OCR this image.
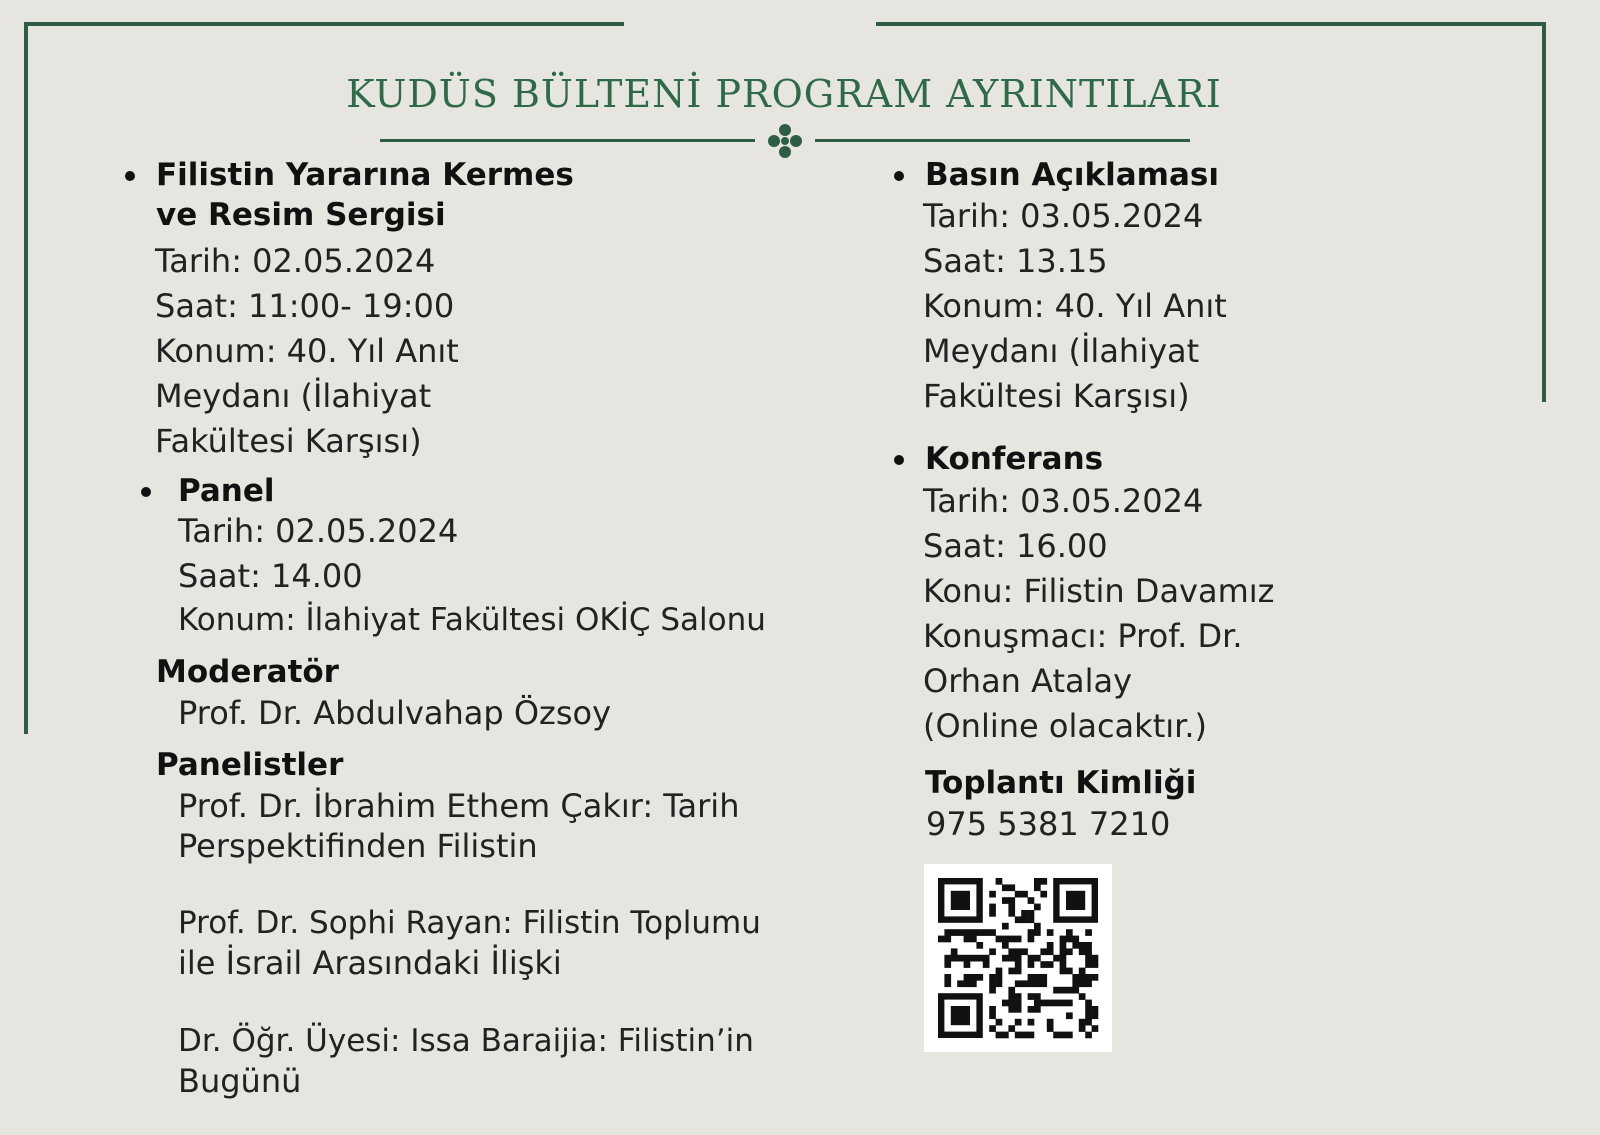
KUDÜS BÜLTENİ PROGRAM AYRINTILARI
Filistin Yararına Kermes
ve Resim Sergisi
Tarih: 02.05.2024
Saat: 11:00- 19:00
Konum: 40. Yıl Anıt
Meydanı (İlahiyat
Fakültesi Karşısı)
Panel
Tarih: 02.05.2024
Saat: 14.00
Konum: İlahiyat Fakültesi OKİÇ Salonu
Moderatör
Prof. Dr. Abdulvahap Özsoy
Panelistler
Prof. Dr. İbrahim Ethem Çakır: Tarih
Perspektifinden Filistin
Prof. Dr. Sophi Rayan: Filistin Toplumu
ile İsrail Arasındaki İlişki
Dr. Öğr. Üyesi: Issa Baraijia: Filistin’in
Bugünü
Basın Açıklaması
Tarih: 03.05.2024
Saat: 13.15
Konum: 40. Yıl Anıt
Meydanı (İlahiyat
Fakültesi Karşısı)
Konferans
Tarih: 03.05.2024
Saat: 16.00
Konu: Filistin Davamız
Konuşmacı: Prof. Dr.
Orhan Atalay
(Online olacaktır.)
Toplantı Kimliği
975 5381 7210
